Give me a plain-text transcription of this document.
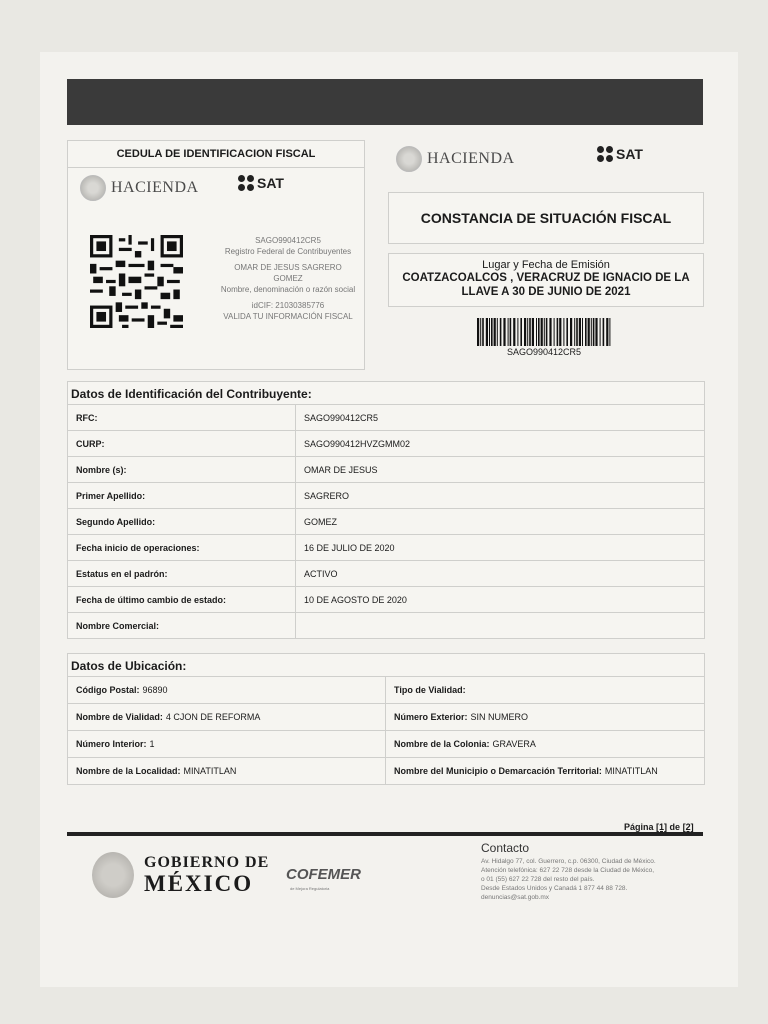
CEDULA DE IDENTIFICACION FISCAL
HACIENDA	SAT

SAGO990412CR5
Registro Federal de Contribuyentes

OMAR DE JESUS SAGRERO
GOMEZ
Nombre, denominación o razón social

idCIF: 21030385776
VALIDA TU INFORMACIÓN FISCAL

HACIENDA	SAT
CONSTANCIA DE SITUACIÓN FISCAL
Lugar y Fecha de Emisión
COATZACOALCOS , VERACRUZ DE IGNACIO DE LA
LLAVE A 30 DE JUNIO DE 2021
SAGO990412CR5
Datos de Identificación del Contribuyente:
RFC:	SAGO990412CR5
CURP:	SAGO990412HVZGMM02
Nombre (s):	OMAR DE JESUS
Primer Apellido:	SAGRERO
Segundo Apellido:	GOMEZ
Fecha inicio de operaciones:	16 DE JULIO DE 2020
Estatus en el padrón:	ACTIVO
Fecha de último cambio de estado:	10 DE AGOSTO DE 2020
Nombre Comercial:
Datos de Ubicación:
Código Postal: 96890	Tipo de Vialidad:
Nombre de Vialidad: 4 CJON DE REFORMA	Número Exterior: SIN NUMERO
Número Interior: 1	Nombre de la Colonia: GRAVERA
Nombre de la Localidad: MINATITLAN	Nombre del Municipio o Demarcación Territorial: MINATITLAN
Página [1] de [2]
GOBIERNO DE
MÉXICO	COFEMER
de Mejora Regulatoria
Contacto
Av. Hidalgo 77, col. Guerrero, c.p. 06300, Ciudad de México.
Atención telefónica: 627 22 728 desde la Ciudad de México,
o 01 (55) 627 22 728 del resto del país.
Desde Estados Unidos y Canadá 1 877 44 88 728.
denuncias@sat.gob.mx
